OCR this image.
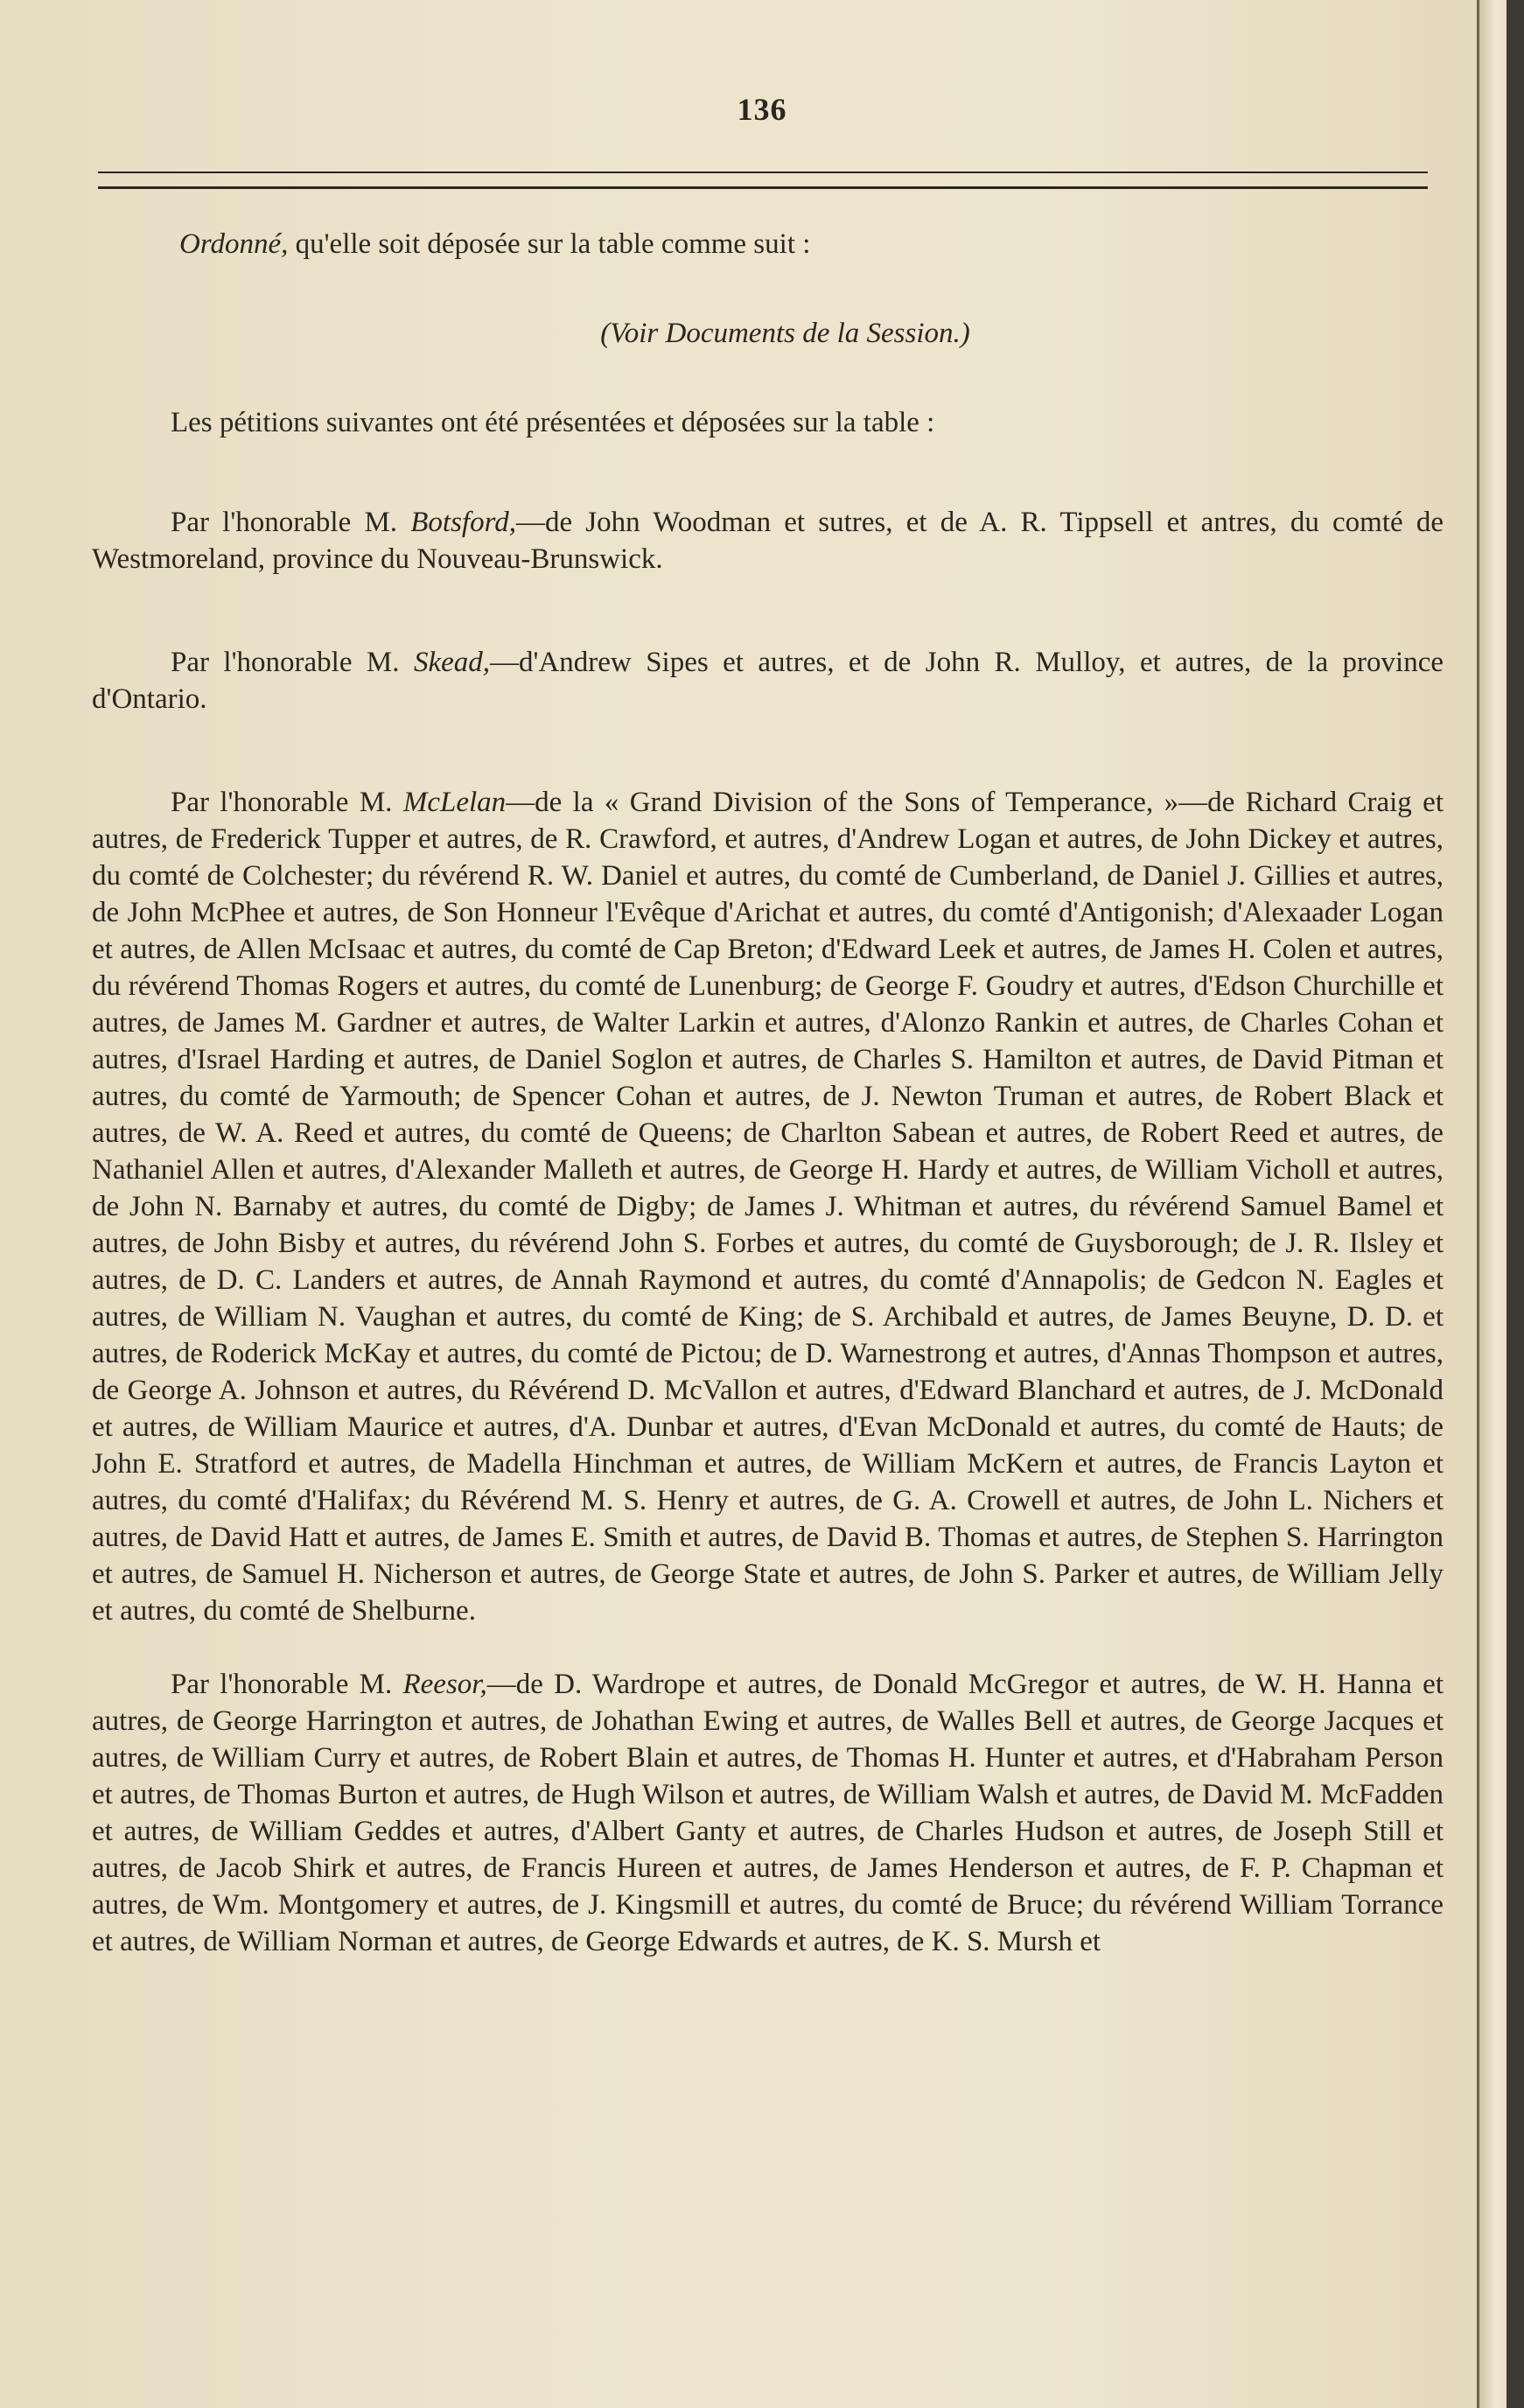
136
Ordonné, qu'elle soit déposée sur la table comme suit :
(Voir Documents de la Session.)
Les pétitions suivantes ont été présentées et déposées sur la table :
Par l'honorable M. Botsford,—de John Woodman et sutres, et de A. R. Tippsell et antres, du comté de Westmoreland, province du Nouveau-Brunswick.
Par l'honorable M. Skead,—d'Andrew Sipes et autres, et de John R. Mulloy, et autres, de la province d'Ontario.
Par l'honorable M. McLelan—de la « Grand Division of the Sons of Temperance, »—de Richard Craig et autres, de Frederick Tupper et autres, de R. Crawford, et autres, d'Andrew Logan et autres, de John Dickey et autres, du comté de Colchester; du révérend R. W. Daniel et autres, du comté de Cumberland, de Daniel J. Gillies et autres, de John McPhee et autres, de Son Honneur l'Evêque d'Arichat et autres, du comté d'Antigonish; d'Alexaader Logan et autres, de Allen McIsaac et autres, du comté de Cap Breton; d'Edward Leek et autres, de James H. Colen et autres, du révérend Thomas Rogers et autres, du comté de Lunenburg; de George F. Goudry et autres, d'Edson Churchille et autres, de James M. Gardner et autres, de Walter Larkin et autres, d'Alonzo Rankin et autres, de Charles Cohan et autres, d'Israel Harding et autres, de Daniel Soglon et autres, de Charles S. Hamilton et autres, de David Pitman et autres, du comté de Yarmouth; de Spencer Cohan et autres, de J. Newton Truman et autres, de Robert Black et autres, de W. A. Reed et autres, du comté de Queens; de Charlton Sabean et autres, de Robert Reed et autres, de Nathaniel Allen et autres, d'Alexander Malleth et autres, de George H. Hardy et autres, de William Vicholl et autres, de John N. Barnaby et autres, du comté de Digby; de James J. Whitman et autres, du révérend Samuel Bamel et autres, de John Bisby et autres, du révérend John S. Forbes et autres, du comté de Guysborough; de J. R. Ilsley et autres, de D. C. Landers et autres, de Annah Raymond et autres, du comté d'Annapolis; de Gedcon N. Eagles et autres, de William N. Vaughan et autres, du comté de King; de S. Archibald et autres, de James Beuyne, D. D. et autres, de Roderick McKay et autres, du comté de Pictou; de D. Warnestrong et autres, d'Annas Thompson et autres, de George A. Johnson et autres, du Révérend D. McVallon et autres, d'Edward Blanchard et autres, de J. McDonald et autres, de William Maurice et autres, d'A. Dunbar et autres, d'Evan McDonald et autres, du comté de Hauts; de John E. Stratford et autres, de Madella Hinchman et autres, de William McKern et autres, de Francis Layton et autres, du comté d'Halifax; du Révérend M. S. Henry et autres, de G. A. Crowell et autres, de John L. Nichers et autres, de David Hatt et autres, de James E. Smith et autres, de David B. Thomas et autres, de Stephen S. Harrington et autres, de Samuel H. Nicherson et autres, de George State et autres, de John S. Parker et autres, de William Jelly et autres, du comté de Shelburne.
Par l'honorable M. Reesor,—de D. Wardrope et autres, de Donald McGregor et autres, de W. H. Hanna et autres, de George Harrington et autres, de Johathan Ewing et autres, de Walles Bell et autres, de George Jacques et autres, de William Curry et autres, de Robert Blain et autres, de Thomas H. Hunter et autres, et d'Habraham Person et autres, de Thomas Burton et autres, de Hugh Wilson et autres, de William Walsh et autres, de David M. McFadden et autres, de William Geddes et autres, d'Albert Ganty et autres, de Charles Hudson et autres, de Joseph Still et autres, de Jacob Shirk et autres, de Francis Hureen et autres, de James Henderson et autres, de F. P. Chapman et autres, de Wm. Montgomery et autres, de J. Kingsmill et autres, du comté de Bruce; du révérend William Torrance et autres, de William Norman et autres, de George Edwards et autres, de K. S. Mursh et
